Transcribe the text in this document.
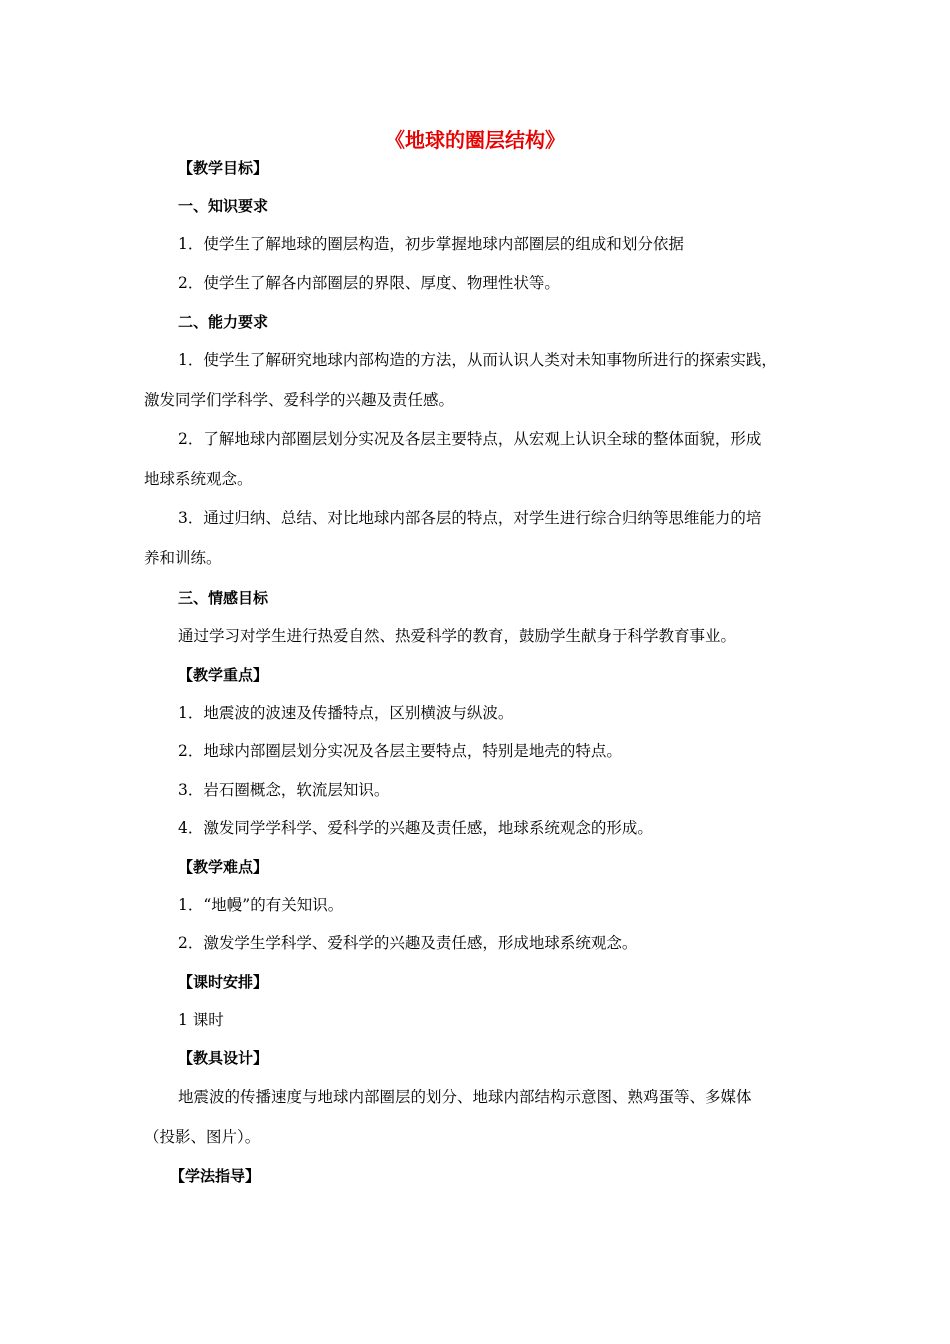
《地球的圈层结构》
【教学目标】
一、知识要求
1．使学生了解地球的圈层构造，初步掌握地球内部圈层的组成和划分依据
2．使学生了解各内部圈层的界限、厚度、物理性状等。
二、能力要求
1．使学生了解研究地球内部构造的方法，从而认识人类对未知事物所进行的探索实践，
激发同学们学科学、爱科学的兴趣及责任感。
2．了解地球内部圈层划分实况及各层主要特点，从宏观上认识全球的整体面貌，形成
地球系统观念。
3．通过归纳、总结、对比地球内部各层的特点，对学生进行综合归纳等思维能力的培
养和训练。
三、情感目标
通过学习对学生进行热爱自然、热爱科学的教育，鼓励学生献身于科学教育事业。
【教学重点】
1．地震波的波速及传播特点，区别横波与纵波。
2．地球内部圈层划分实况及各层主要特点，特别是地壳的特点。
3．岩石圈概念，软流层知识。
4．激发同学学科学、爱科学的兴趣及责任感，地球系统观念的形成。
【教学难点】
1．“地幔”的有关知识。
2．激发学生学科学、爱科学的兴趣及责任感，形成地球系统观念。
【课时安排】
1 课时
【教具设计】
地震波的传播速度与地球内部圈层的划分、地球内部结构示意图、熟鸡蛋等、多媒体
（投影、图片）。
【学法指导】
